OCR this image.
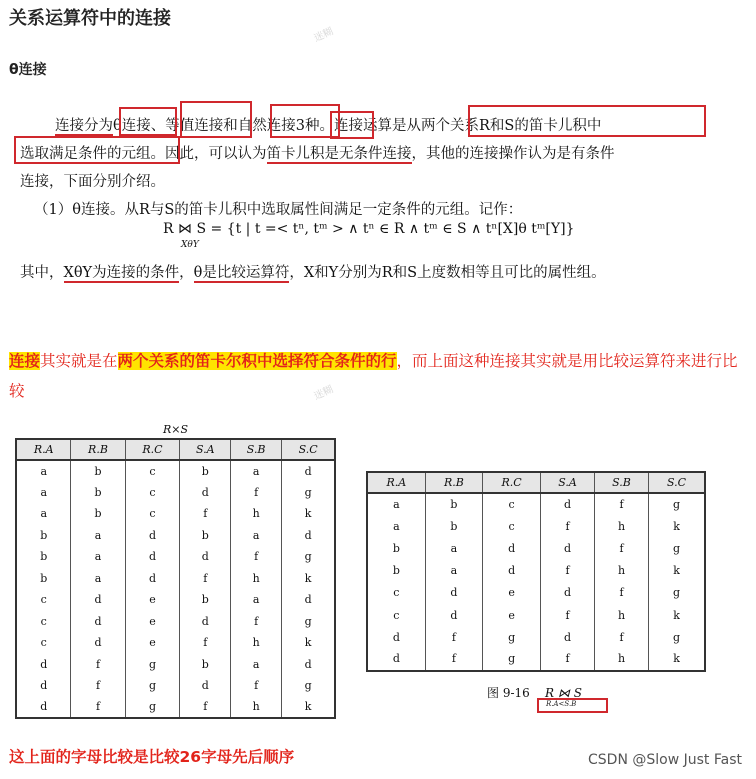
关系运算符中的连接
θ连接
迷糊
迷糊
连接分为θ连接、等值连接和自然连接3种。连接运算是从两个关系R和S的笛卡儿积中
选取满足条件的元组。因此，可以认为笛卡儿积是无条件连接，其他的连接操作认为是有条件
连接，下面分别介绍。
（1）θ连接。从R与S的笛卡儿积中选取属性间满足一定条件的元组。记作：
R ⋈ S = {t | t =< tⁿ, tᵐ > ∧ tⁿ ∈ R ∧ tᵐ ∈ S ∧ tⁿ[X]θ tᵐ[Y]}
XθY
其中，XθY为连接的条件，θ是比较运算符，X和Y分别为R和S上度数相等且可比的属性组。
连接其实就是在两个关系的笛卡尔积中选择符合条件的行，而上面这种连接其实就是用比较运算符来进行比较
R×S
R.A	R.B	R.C	S.A	S.B	S.C
a	b	c	b	a	d
a	b	c	d	f	g
a	b	c	f	h	k
b	a	d	b	a	d
b	a	d	d	f	g
b	a	d	f	h	k
c	d	e	b	a	d
c	d	e	d	f	g
c	d	e	f	h	k
d	f	g	b	a	d
d	f	g	d	f	g
d	f	g	f	h	k
R.A	R.B	R.C	S.A	S.B	S.C
a	b	c	d	f	g
a	b	c	f	h	k
b	a	d	d	f	g
b	a	d	f	h	k
c	d	e	d	f	g
c	d	e	f	h	k
d	f	g	d	f	g
d	f	g	f	h	k
图 9-16 R ⋈ S
R.A<S.B
这上面的字母比较是比较26字母先后顺序	CSDN @Slow Just Fast
